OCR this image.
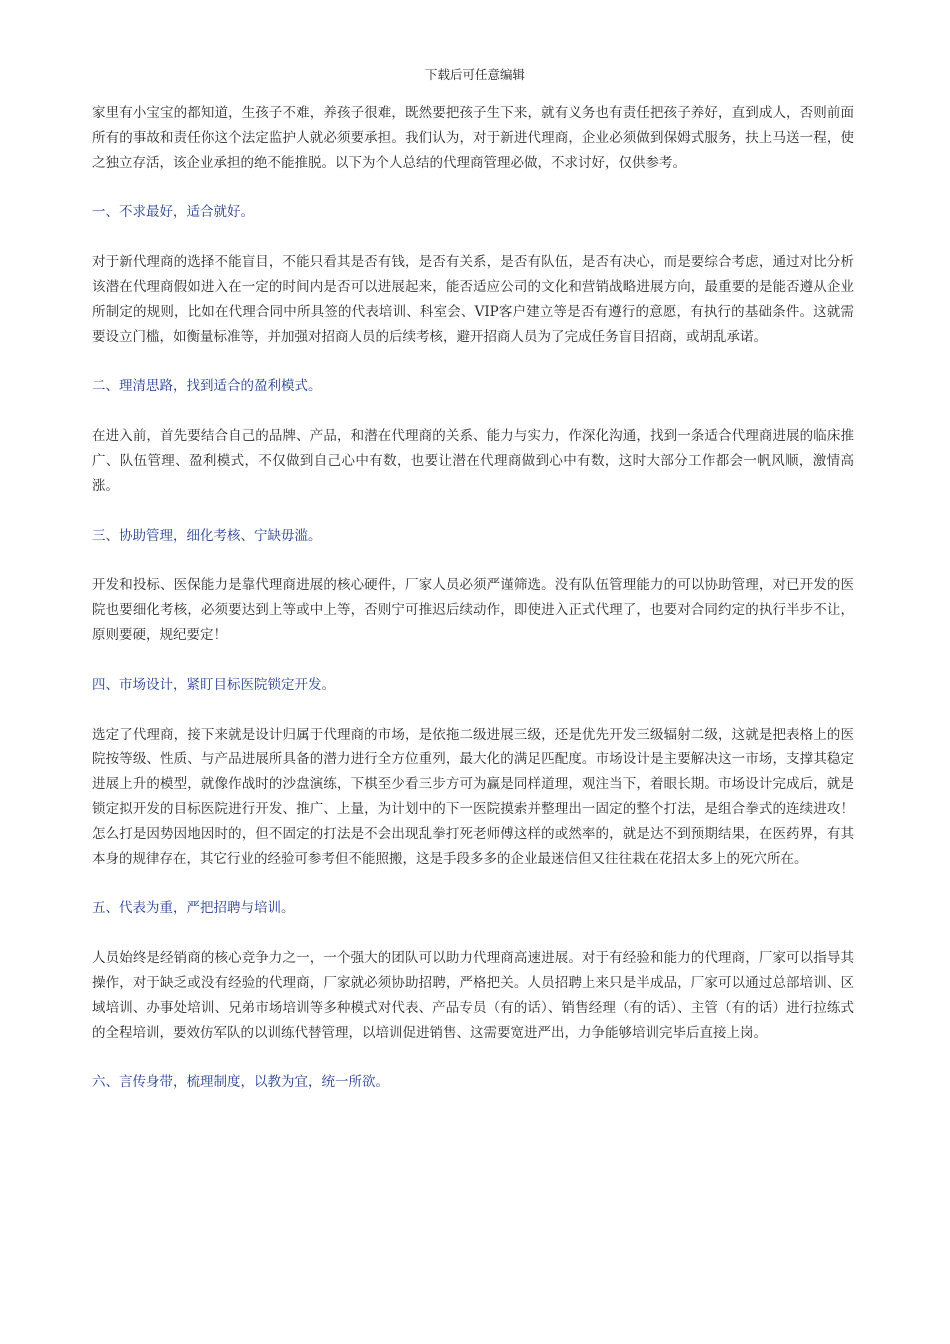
下载后可任意编辑

家里有小宝宝的都知道，生孩子不难，养孩子很难，既然要把孩子生下来，就有义务也有责任把孩子养好，直到成人，否则前面所有的事故和责任你这个法定监护人就必须要承担。我们认为，对于新进代理商，企业必须做到保姆式服务，扶上马送一程，使之独立存活，该企业承担的绝不能推脱。以下为个人总结的代理商管理必做，不求讨好，仅供参考。

一、不求最好，适合就好。

对于新代理商的选择不能盲目，不能只看其是否有钱，是否有关系，是否有队伍，是否有决心，而是要综合考虑，通过对比分析该潜在代理商假如进入在一定的时间内是否可以进展起来，能否适应公司的文化和营销战略进展方向，最重要的是能否遵从企业所制定的规则，比如在代理合同中所具签的代表培训、科室会、VIP客户建立等是否有遵行的意愿，有执行的基础条件。这就需要设立门槛，如衡量标准等，并加强对招商人员的后续考核，避开招商人员为了完成任务盲目招商，或胡乱承诺。

二、理清思路，找到适合的盈利模式。

在进入前，首先要结合自己的品牌、产品，和潜在代理商的关系、能力与实力，作深化沟通，找到一条适合代理商进展的临床推广、队伍管理、盈利模式，不仅做到自己心中有数，也要让潜在代理商做到心中有数，这时大部分工作都会一帆风顺，激情高涨。

三、协助管理，细化考核、宁缺毋滥。

开发和投标、医保能力是靠代理商进展的核心硬件，厂家人员必须严谨筛选。没有队伍管理能力的可以协助管理，对已开发的医院也要细化考核，必须要达到上等或中上等，否则宁可推迟后续动作，即使进入正式代理了，也要对合同约定的执行半步不让，原则要硬，规纪要定！

四、市场设计，紧盯目标医院锁定开发。

选定了代理商，接下来就是设计归属于代理商的市场，是依拖二级进展三级，还是优先开发三级辐射二级，这就是把表格上的医院按等级、性质、与产品进展所具备的潜力进行全方位重列，最大化的满足匹配度。市场设计是主要解决这一市场，支撑其稳定进展上升的模型，就像作战时的沙盘演练，下棋至少看三步方可为赢是同样道理，观注当下，着眼长期。市场设计完成后，就是锁定拟开发的目标医院进行开发、推广、上量，为计划中的下一医院摸索并整理出一固定的整个打法，是组合拳式的连续进攻！怎么打是因势因地因时的，但不固定的打法是不会出现乱拳打死老师傅这样的或然率的，就是达不到预期结果，在医药界，有其本身的规律存在，其它行业的经验可参考但不能照搬，这是手段多多的企业最迷信但又往往栽在花招太多上的死穴所在。

五、代表为重，严把招聘与培训。

人员始终是经销商的核心竞争力之一，一个强大的团队可以助力代理商高速进展。对于有经验和能力的代理商，厂家可以指导其操作，对于缺乏或没有经验的代理商，厂家就必须协助招聘，严格把关。人员招聘上来只是半成品，厂家可以通过总部培训、区域培训、办事处培训、兄弟市场培训等多种模式对代表、产品专员（有的话）、销售经理（有的话）、主管（有的话）进行拉练式的全程培训，要效仿军队的以训练代替管理，以培训促进销售、这需要宽进严出，力争能够培训完毕后直接上岗。

六、言传身带，梳理制度，以教为宜，统一所欲。
